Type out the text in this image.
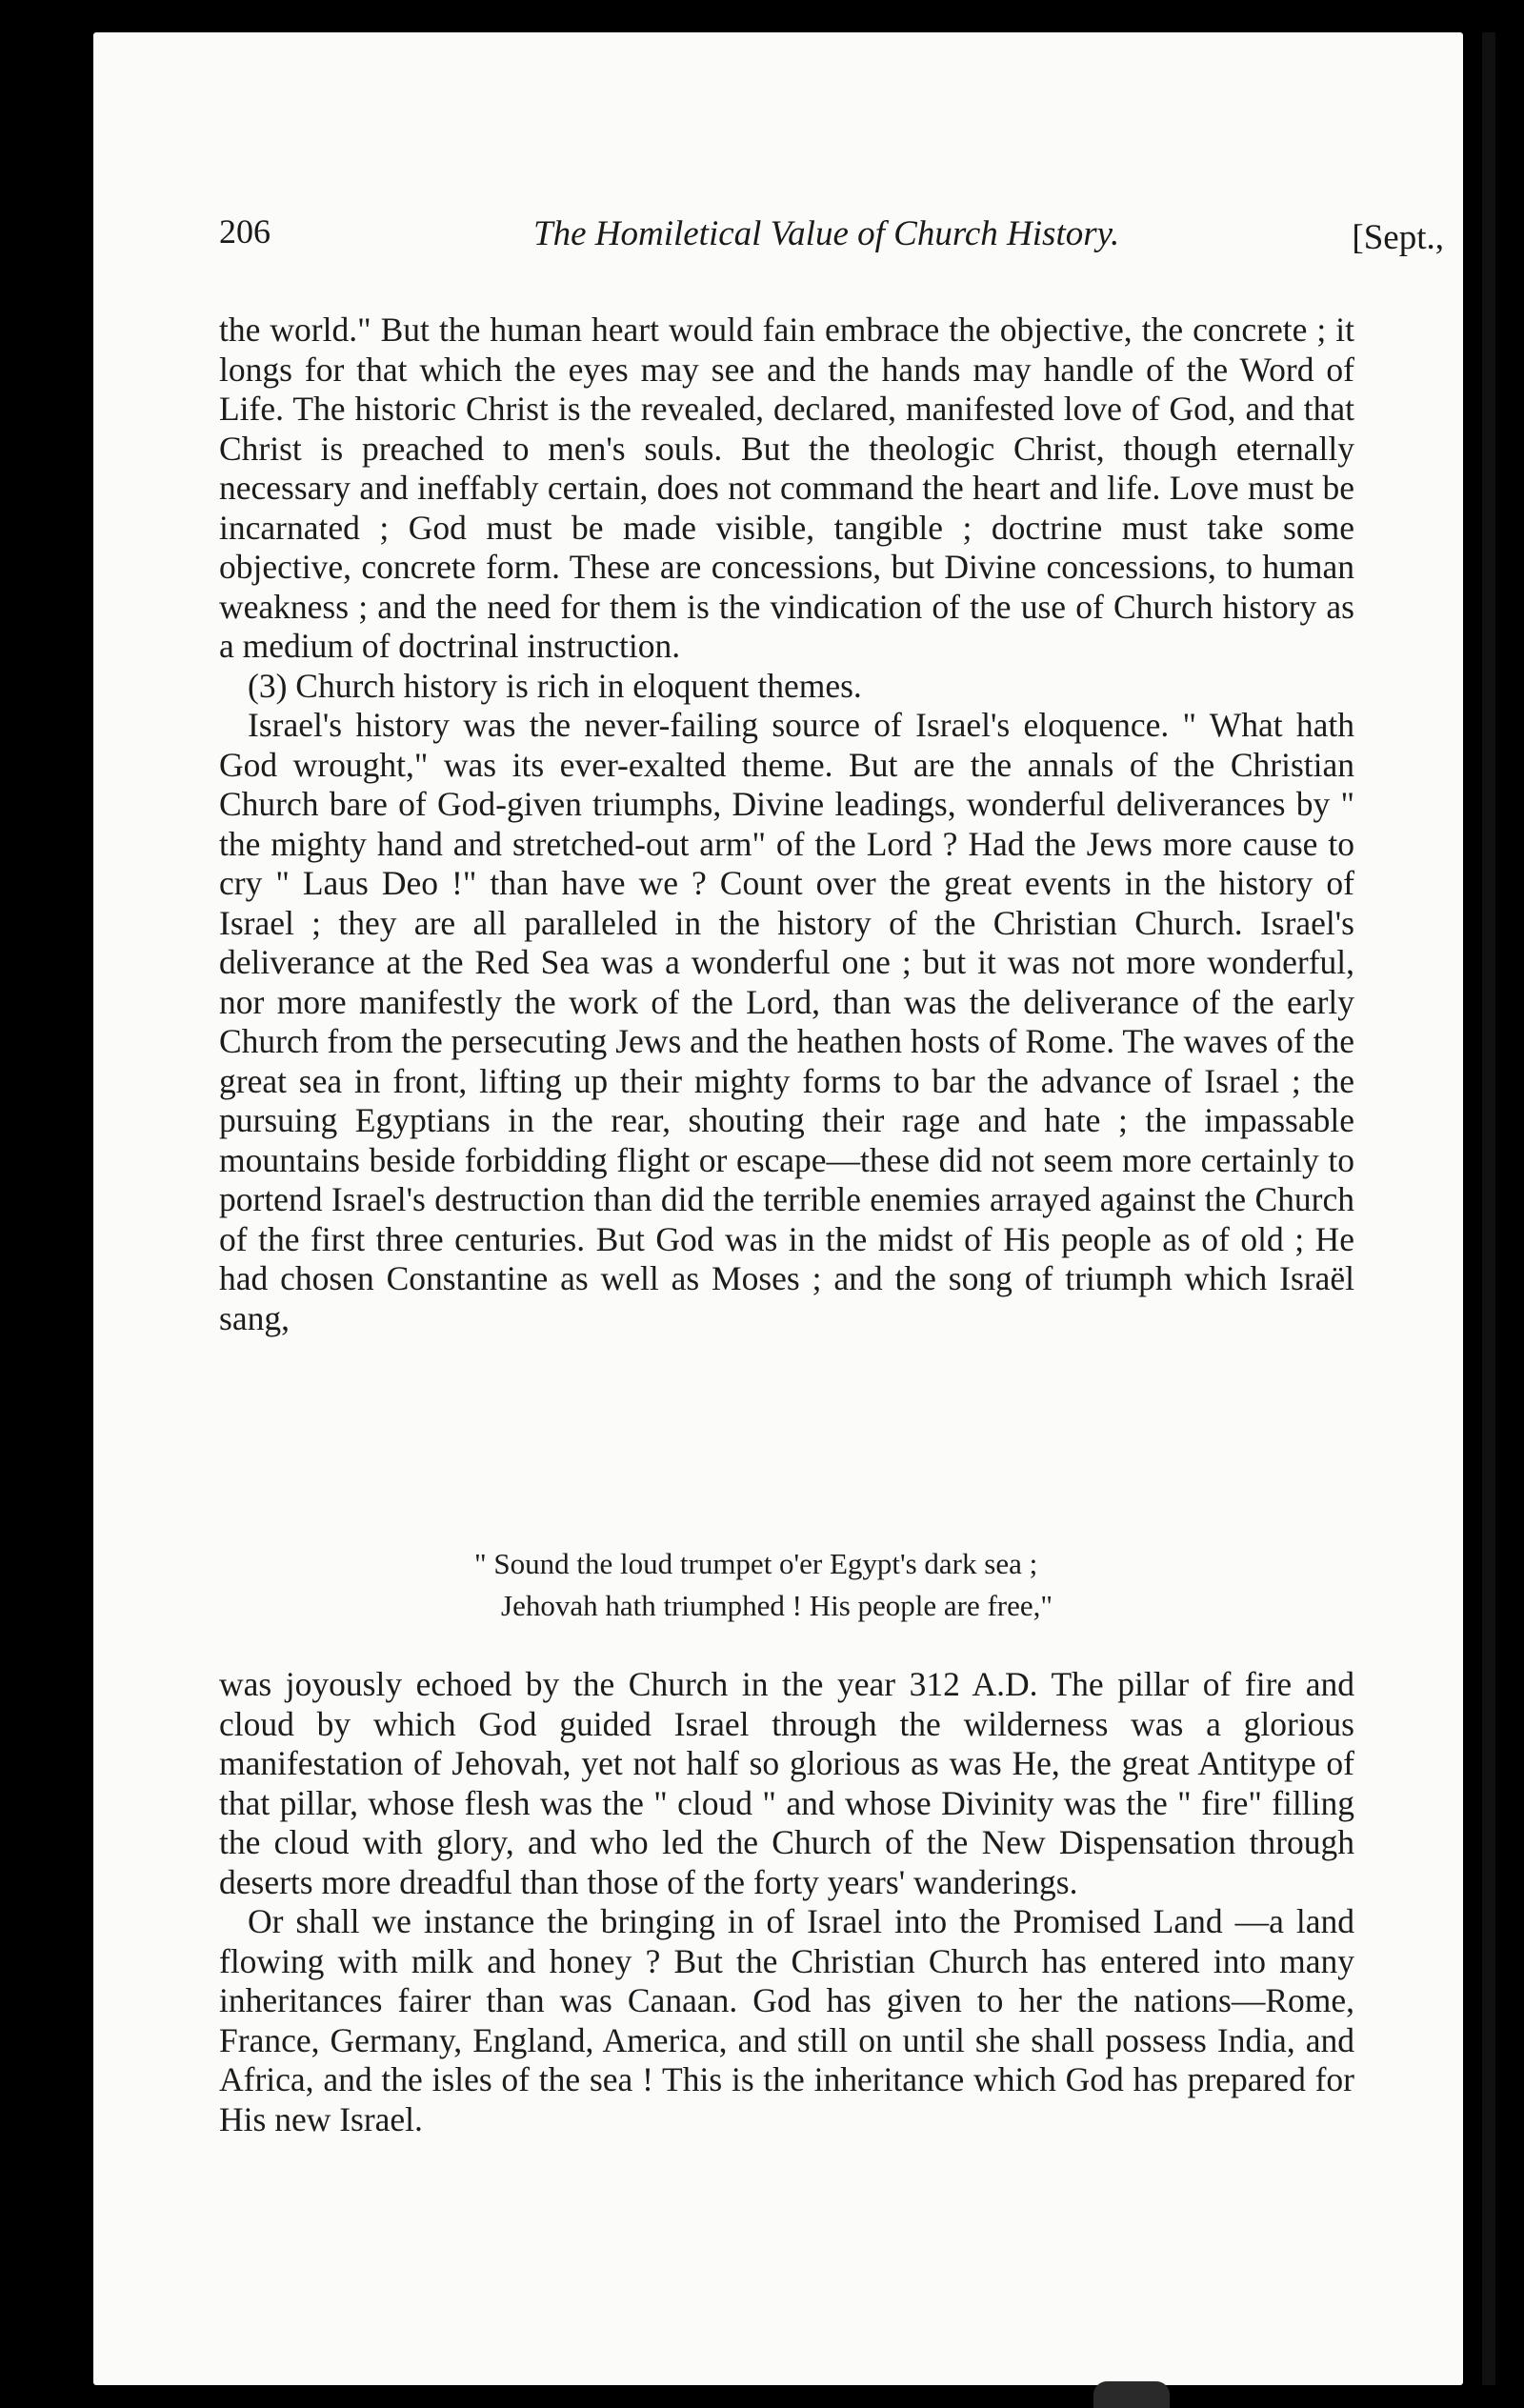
206	The Homiletical Value of Church History.	[Sept.,

the world." But the human heart would fain embrace the objective, the concrete ; it longs for that which the eyes may see and the hands may handle of the Word of Life. The historic Christ is the revealed, declared, manifested love of God, and that Christ is preached to men's souls. But the theologic Christ, though eternally necessary and ineffably certain, does not command the heart and life. Love must be incarnated ; God must be made visible, tangible ; doctrine must take some objective, concrete form. These are concessions, but Divine concessions, to human weakness ; and the need for them is the vindication of the use of Church history as a medium of doctrinal instruction.

(3) Church history is rich in eloquent themes.

Israel's history was the never-failing source of Israel's eloquence. " What hath God wrought," was its ever-exalted theme. But are the annals of the Christian Church bare of God-given triumphs, Divine leadings, wonderful deliverances by " the mighty hand and stretched-out arm" of the Lord ? Had the Jews more cause to cry " Laus Deo !" than have we ? Count over the great events in the history of Israel ; they are all paralleled in the history of the Christian Church. Israel's deliverance at the Red Sea was a wonderful one ; but it was not more wonderful, nor more manifestly the work of the Lord, than was the deliverance of the early Church from the persecuting Jews and the heathen hosts of Rome. The waves of the great sea in front, lifting up their mighty forms to bar the advance of Israel ; the pursuing Egyptians in the rear, shouting their rage and hate ; the impassable mountains beside forbidding flight or escape—these did not seem more certainly to portend Israel's destruction than did the terrible enemies arrayed against the Church of the first three centuries. But God was in the midst of His people as of old ; He had chosen Constantine as well as Moses ; and the song of triumph which Israël sang,

" Sound the loud trumpet o'er Egypt's dark sea ;
Jehovah hath triumphed ! His people are free,"

was joyously echoed by the Church in the year 312 A.D. The pillar of fire and cloud by which God guided Israel through the wilderness was a glorious manifestation of Jehovah, yet not half so glorious as was He, the great Antitype of that pillar, whose flesh was the " cloud " and whose Divinity was the " fire" filling the cloud with glory, and who led the Church of the New Dispensation through deserts more dreadful than those of the forty years' wanderings.

Or shall we instance the bringing in of Israel into the Promised Land —a land flowing with milk and honey ? But the Christian Church has entered into many inheritances fairer than was Canaan. God has given to her the nations—Rome, France, Germany, England, America, and still on until she shall possess India, and Africa, and the isles of the sea ! This is the inheritance which God has prepared for His new Israel.
